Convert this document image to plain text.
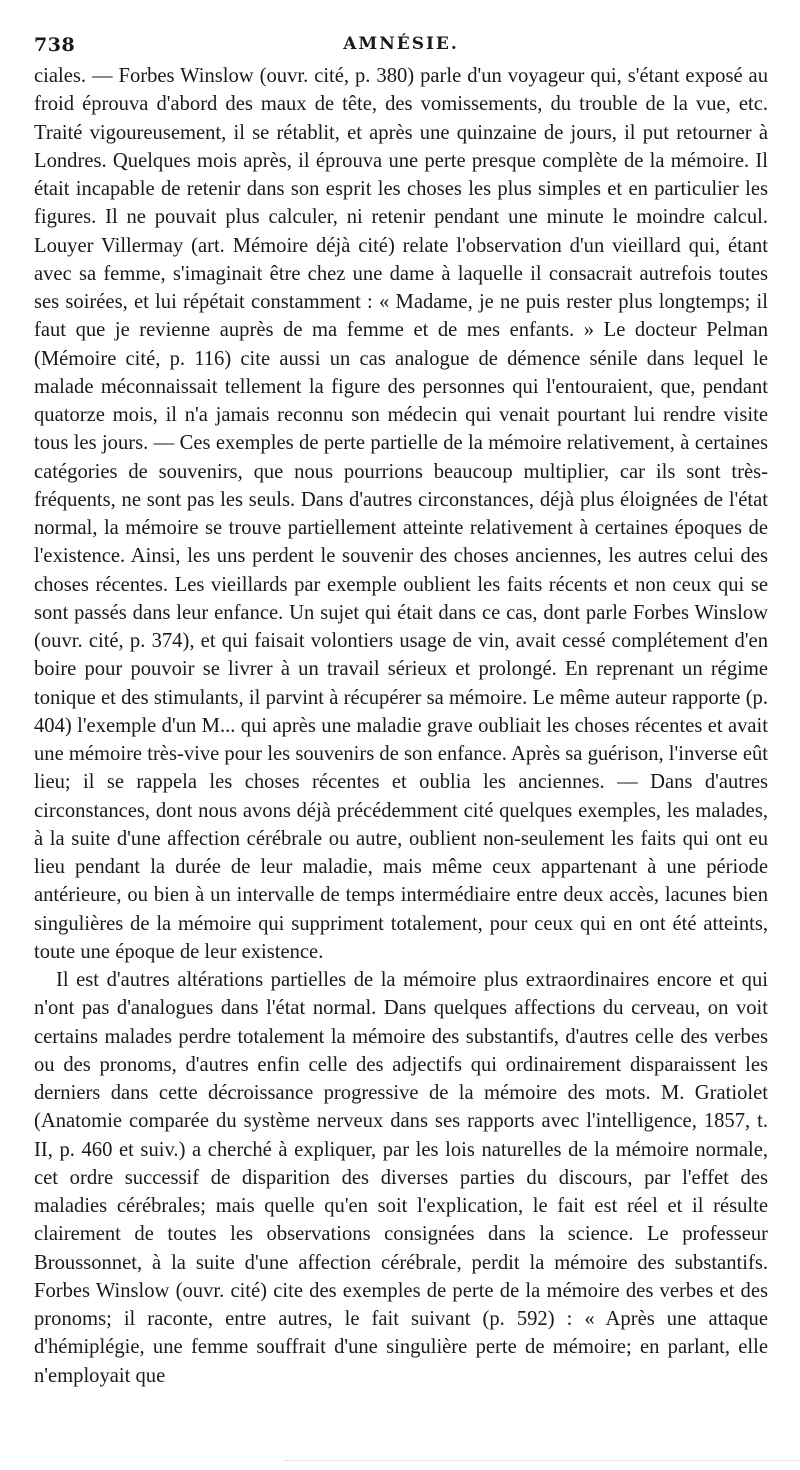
738	AMNÉSIE.

ciales. — Forbes Winslow (ouvr. cité, p. 380) parle d'un voyageur qui, s'étant exposé au froid éprouva d'abord des maux de tête, des vomissements, du trouble de la vue, etc. Traité vigoureusement, il se rétablit, et après une quinzaine de jours, il put retourner à Londres. Quelques mois après, il éprouva une perte presque complète de la mémoire. Il était incapable de retenir dans son esprit les choses les plus simples et en particulier les figures. Il ne pouvait plus calculer, ni retenir pendant une minute le moindre calcul. Louyer Villermay (art. Mémoire déjà cité) relate l'observation d'un vieillard qui, étant avec sa femme, s'imaginait être chez une dame à laquelle il consacrait autrefois toutes ses soirées, et lui répétait constamment : « Madame, je ne puis rester plus longtemps; il faut que je revienne auprès de ma femme et de mes enfants. » Le docteur Pelman (Mémoire cité, p. 116) cite aussi un cas analogue de démence sénile dans lequel le malade méconnaissait tellement la figure des personnes qui l'entouraient, que, pendant quatorze mois, il n'a jamais reconnu son médecin qui venait pourtant lui rendre visite tous les jours. — Ces exemples de perte partielle de la mémoire relativement, à certaines catégories de souvenirs, que nous pourrions beaucoup multiplier, car ils sont très-fréquents, ne sont pas les seuls. Dans d'autres circonstances, déjà plus éloignées de l'état normal, la mémoire se trouve partiellement atteinte relativement à certaines époques de l'existence. Ainsi, les uns perdent le souvenir des choses anciennes, les autres celui des choses récentes. Les vieillards par exemple oublient les faits récents et non ceux qui se sont passés dans leur enfance. Un sujet qui était dans ce cas, dont parle Forbes Winslow (ouvr. cité, p. 374), et qui faisait volontiers usage de vin, avait cessé complétement d'en boire pour pouvoir se livrer à un travail sérieux et prolongé. En reprenant un régime tonique et des stimulants, il parvint à récupérer sa mémoire. Le même auteur rapporte (p. 404) l'exemple d'un M... qui après une maladie grave oubliait les choses récentes et avait une mémoire très-vive pour les souvenirs de son enfance. Après sa guérison, l'inverse eût lieu; il se rappela les choses récentes et oublia les anciennes. — Dans d'autres circonstances, dont nous avons déjà précédemment cité quelques exemples, les malades, à la suite d'une affection cérébrale ou autre, oublient non-seulement les faits qui ont eu lieu pendant la durée de leur maladie, mais même ceux appartenant à une période antérieure, ou bien à un intervalle de temps intermédiaire entre deux accès, lacunes bien singulières de la mémoire qui suppriment totalement, pour ceux qui en ont été atteints, toute une époque de leur existence.

Il est d'autres altérations partielles de la mémoire plus extraordinaires encore et qui n'ont pas d'analogues dans l'état normal. Dans quelques affections du cerveau, on voit certains malades perdre totalement la mémoire des substantifs, d'autres celle des verbes ou des pronoms, d'autres enfin celle des adjectifs qui ordinairement disparaissent les derniers dans cette décroissance progressive de la mémoire des mots. M. Gratiolet (Anatomie comparée du système nerveux dans ses rapports avec l'intelligence, 1857, t. II, p. 460 et suiv.) a cherché à expliquer, par les lois naturelles de la mémoire normale, cet ordre successif de disparition des diverses parties du discours, par l'effet des maladies cérébrales; mais quelle qu'en soit l'explication, le fait est réel et il résulte clairement de toutes les observations consignées dans la science. Le professeur Broussonnet, à la suite d'une affection cérébrale, perdit la mémoire des substantifs. Forbes Winslow (ouvr. cité) cite des exemples de perte de la mémoire des verbes et des pronoms; il raconte, entre autres, le fait suivant (p. 592) : « Après une attaque d'hémiplégie, une femme souffrait d'une singulière perte de mémoire; en parlant, elle n'employait que
